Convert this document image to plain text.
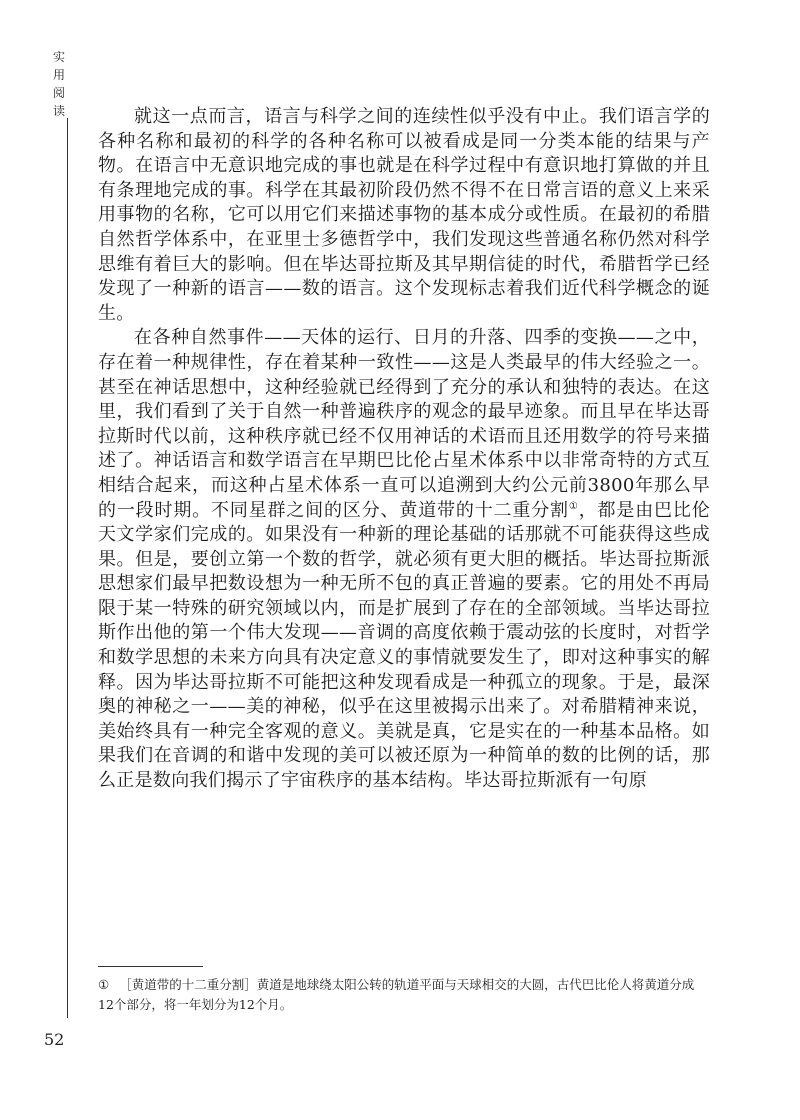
实
用
阅
读	就这一点而言，语言与科学之间的连续性似乎没有中止。我们语言学的各种名称和最初的科学的各种名称可以被看成是同一分类本能的结果与产物。在语言中无意识地完成的事也就是在科学过程中有意识地打算做的并且有条理地完成的事。科学在其最初阶段仍然不得不在日常言语的意义上来采用事物的名称，它可以用它们来描述事物的基本成分或性质。在最初的希腊自然哲学体系中，在亚里士多德哲学中，我们发现这些普通名称仍然对科学思维有着巨大的影响。但在毕达哥拉斯及其早期信徒的时代，希腊哲学已经发现了一种新的语言——数的语言。这个发现标志着我们近代科学概念的诞生。

在各种自然事件——天体的运行、日月的升落、四季的变换——之中，存在着一种规律性，存在着某种一致性——这是人类最早的伟大经验之一。甚至在神话思想中，这种经验就已经得到了充分的承认和独特的表达。在这里，我们看到了关于自然一种普遍秩序的观念的最早迹象。而且早在毕达哥拉斯时代以前，这种秩序就已经不仅用神话的术语而且还用数学的符号来描述了。神话语言和数学语言在早期巴比伦占星术体系中以非常奇特的方式互相结合起来，而这种占星术体系一直可以追溯到大约公元前3800年那么早的一段时期。不同星群之间的区分、黄道带的十二重分割①，都是由巴比伦天文学家们完成的。如果没有一种新的理论基础的话那就不可能获得这些成果。但是，要创立第一个数的哲学，就必须有更大胆的概括。毕达哥拉斯派思想家们最早把数设想为一种无所不包的真正普遍的要素。它的用处不再局限于某一特殊的研究领域以内，而是扩展到了存在的全部领域。当毕达哥拉斯作出他的第一个伟大发现——音调的高度依赖于震动弦的长度时，对哲学和数学思想的未来方向具有决定意义的事情就要发生了，即对这种事实的解释。因为毕达哥拉斯不可能把这种发现看成是一种孤立的现象。于是，最深奥的神秘之一——美的神秘，似乎在这里被揭示出来了。对希腊精神来说，美始终具有一种完全客观的意义。美就是真，它是实在的一种基本品格。如果我们在音调的和谐中发现的美可以被还原为一种简单的数的比例的话，那么正是数向我们揭示了宇宙秩序的基本结构。毕达哥拉斯派有一句原

① ［黄道带的十二重分割］黄道是地球绕太阳公转的轨道平面与天球相交的大圆，古代巴比伦人将黄道分成12个部分，将一年划分为12个月。

52
